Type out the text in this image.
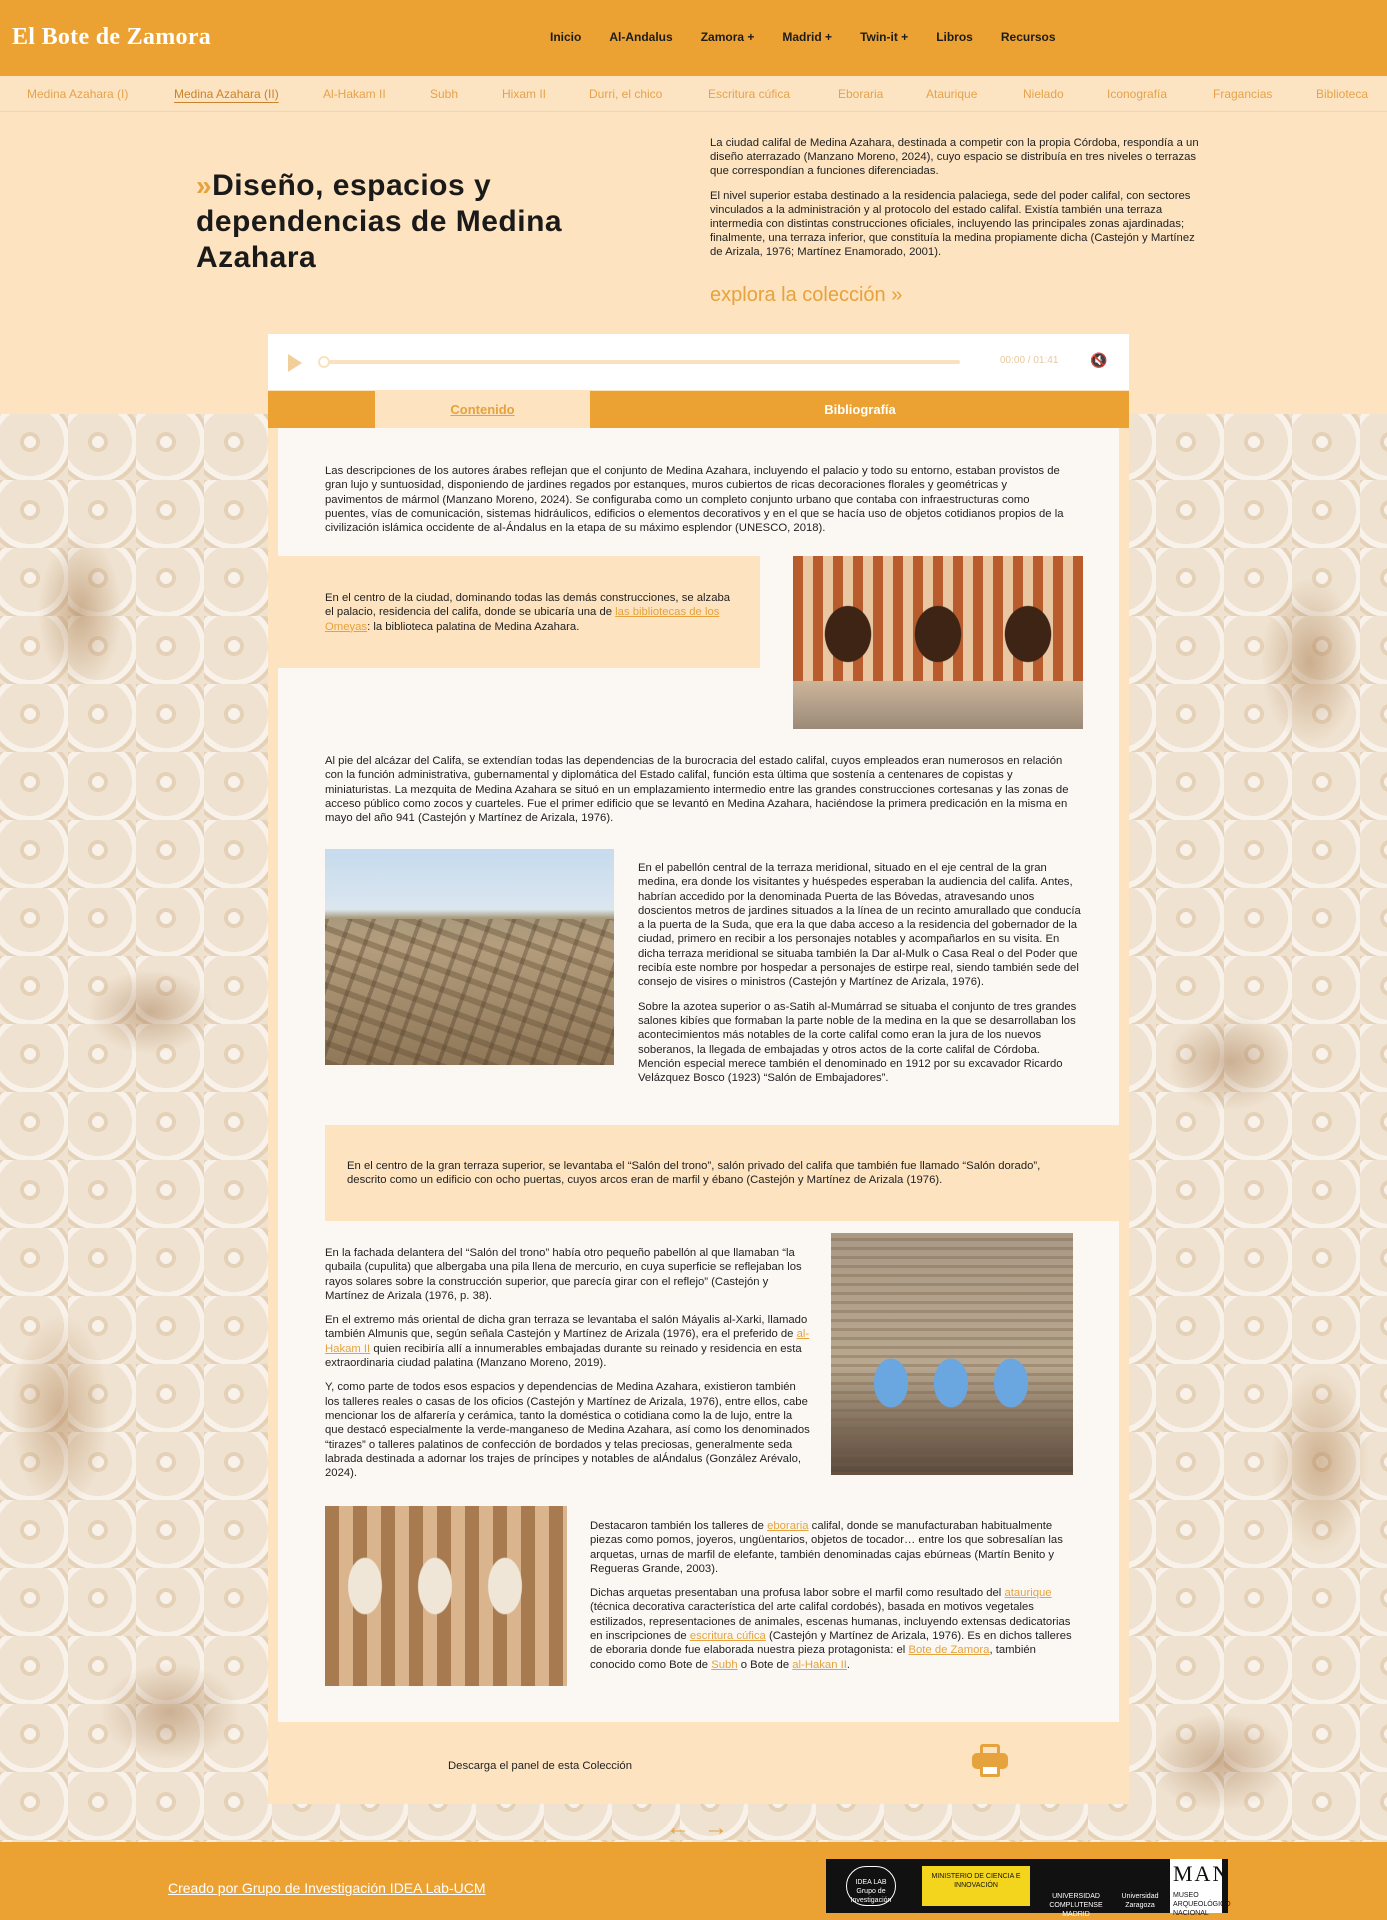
El Bote de Zamora	Inicio Al-Andalus Zamora + Madrid + Twin-it + Libros Recursos
Medina Azahara (I)	Medina Azahara (II)	Al-Hakam II	Subh	Hixam II	Durri, el chico	Escritura cúfica	Eboraria	Ataurique	Nielado	Iconografía	Fragancias	Biblioteca
»Diseño, espacios y dependencias de Medina Azahara

La ciudad califal de Medina Azahara, destinada a competir con la propia Córdoba, respondía a un diseño aterrazado (Manzano Moreno, 2024), cuyo espacio se distribuía en tres niveles o terrazas que correspondían a funciones diferenciadas.

El nivel superior estaba destinado a la residencia palaciega, sede del poder califal, con sectores vinculados a la administración y al protocolo del estado califal. Existía también una terraza intermedia con distintas construcciones oficiales, incluyendo las principales zonas ajardinadas; finalmente, una terraza inferior, que constituía la medina propiamente dicha (Castejón y Martínez de Arizala, 1976; Martínez Enamorado, 2001).

explora la colección »
00:00 / 01:41 🔇
Contenido	Bibliografía
Las descripciones de los autores árabes reflejan que el conjunto de Medina Azahara, incluyendo el palacio y todo su entorno, estaban provistos de gran lujo y suntuosidad, disponiendo de jardines regados por estanques, muros cubiertos de ricas decoraciones florales y geométricas y pavimentos de mármol (Manzano Moreno, 2024). Se configuraba como un completo conjunto urbano que contaba con infraestructuras como puentes, vías de comunicación, sistemas hidráulicos, edificios o elementos decorativos y en el que se hacía uso de objetos cotidianos propios de la civilización islámica occidente de al-Ándalus en la etapa de su máximo esplendor (UNESCO, 2018).
En el centro de la ciudad, dominando todas las demás construcciones, se alzaba el palacio, residencia del califa, donde se ubicaría una de las bibliotecas de los Omeyas: la biblioteca palatina de Medina Azahara.
Al pie del alcázar del Califa, se extendían todas las dependencias de la burocracia del estado califal, cuyos empleados eran numerosos en relación con la función administrativa, gubernamental y diplomática del Estado califal, función esta última que sostenía a centenares de copistas y miniaturistas. La mezquita de Medina Azahara se situó en un emplazamiento intermedio entre las grandes construcciones cortesanas y las zonas de acceso público como zocos y cuarteles. Fue el primer edificio que se levantó en Medina Azahara, haciéndose la primera predicación en la misma en mayo del año 941 (Castejón y Martínez de Arizala, 1976).

En el pabellón central de la terraza meridional, situado en el eje central de la gran medina, era donde los visitantes y huéspedes esperaban la audiencia del califa. Antes, habrían accedido por la denominada Puerta de las Bóvedas, atravesando unos doscientos metros de jardines situados a la línea de un recinto amurallado que conducía a la puerta de la Suda, que era la que daba acceso a la residencia del gobernador de la ciudad, primero en recibir a los personajes notables y acompañarlos en su visita. En dicha terraza meridional se situaba también la Dar al-Mulk o Casa Real o del Poder que recibía este nombre por hospedar a personajes de estirpe real, siendo también sede del consejo de visires o ministros (Castejón y Martínez de Arizala, 1976).

Sobre la azotea superior o as-Satih al-Mumárrad se situaba el conjunto de tres grandes salones kibíes que formaban la parte noble de la medina en la que se desarrollaban los acontecimientos más notables de la corte califal como eran la jura de los nuevos soberanos, la llegada de embajadas y otros actos de la corte califal de Córdoba. Mención especial merece también el denominado en 1912 por su excavador Ricardo Velázquez Bosco (1923) “Salón de Embajadores”.

En el centro de la gran terraza superior, se levantaba el “Salón del trono”, salón privado del califa que también fue llamado “Salón dorado”, descrito como un edificio con ocho puertas, cuyos arcos eran de marfil y ébano (Castejón y Martínez de Arizala (1976).

En la fachada delantera del “Salón del trono” había otro pequeño pabellón al que llamaban “la qubaila (cupulita) que albergaba una pila llena de mercurio, en cuya superficie se reflejaban los rayos solares sobre la construcción superior, que parecía girar con el reflejo” (Castejón y Martínez de Arizala (1976, p. 38).

En el extremo más oriental de dicha gran terraza se levantaba el salón Máyalis al-Xarki, llamado también Almunis que, según señala Castejón y Martínez de Arizala (1976), era el preferido de al-Hakam II quien recibiría allí a innumerables embajadas durante su reinado y residencia en esta extraordinaria ciudad palatina (Manzano Moreno, 2019).

Y, como parte de todos esos espacios y dependencias de Medina Azahara, existieron también los talleres reales o casas de los oficios (Castejón y Martínez de Arizala, 1976), entre ellos, cabe mencionar los de alfarería y cerámica, tanto la doméstica o cotidiana como la de lujo, entre la que destacó especialmente la verde-manganeso de Medina Azahara, así como los denominados “tirazes” o talleres palatinos de confección de bordados y telas preciosas, generalmente seda labrada destinada a adornar los trajes de príncipes y notables de alÁndalus (González Arévalo, 2024).

Destacaron también los talleres de eboraria califal, donde se manufacturaban habitualmente piezas como pomos, joyeros, ungüentarios, objetos de tocador… entre los que sobresalían las arquetas, urnas de marfil de elefante, también denominadas cajas ebúrneas (Martín Benito y Regueras Grande, 2003).

Dichas arquetas presentaban una profusa labor sobre el marfil como resultado del ataurique (técnica decorativa característica del arte califal cordobés), basada en motivos vegetales estilizados, representaciones de animales, escenas humanas, incluyendo extensas dedicatorias en inscripciones de escritura cúfica (Castejón y Martínez de Arizala, 1976). Es en dichos talleres de eboraria donde fue elaborada nuestra pieza protagonista: el Bote de Zamora, también conocido como Bote de Subh o Bote de al-Hakan II.

Descarga el panel de esta Colección
←→
Creado por Grupo de Investigación IDEA Lab-UCM	IDEA LAB Grupo de Investigación
MINISTERIO DE CIENCIA E INNOVACIÓN
UNIVERSIDAD COMPLUTENSE MADRID
Universidad Zaragoza
MAN MUSEO ARQUEOLÓGICO NACIONAL
